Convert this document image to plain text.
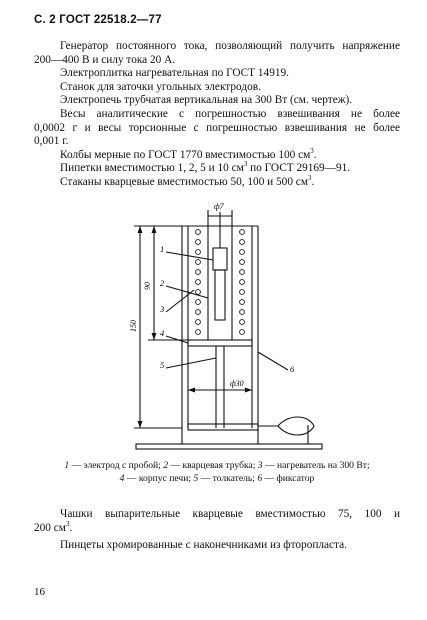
С. 2 ГОСТ 22518.2—77

Генератор постоянного тока, позволяющий получить напряжение

200—400 В и силу тока 20 А.

Электроплитка нагревательная по ГОСТ 14919.

Станок для заточки угольных электродов.

Электропечь трубчатая вертикальная на 300 Вт (см. чертеж).

Весы аналитические с погрешностью взвешивания не более

0,0002 г и весы торсионные с погрешностью взвешивания не более

0,001 г.

Колбы мерные по ГОСТ 1770 вместимостью 100 $см^3$.

Пипетки вместимостью 1, 2, 5 и 10 $см^3$ по ГОСТ 29169—91.

Стаканы кварцевые вместимостью 50, 100 и 500 $см^3$.

ф7
ф30
150
90
1
2
3
4
5	6
1 — электрод с пробой; 2 — кварцевая трубка; 3 — нагреватель на 300 Вт;
4 — корпус печи; 5 — толкатель; 6 — фиксатор

Чашки выпарительные кварцевые вместимостью 75, 100 и

200 $см^3$.

Пинцеты хромированные с наконечниками из фторопласта.

16
